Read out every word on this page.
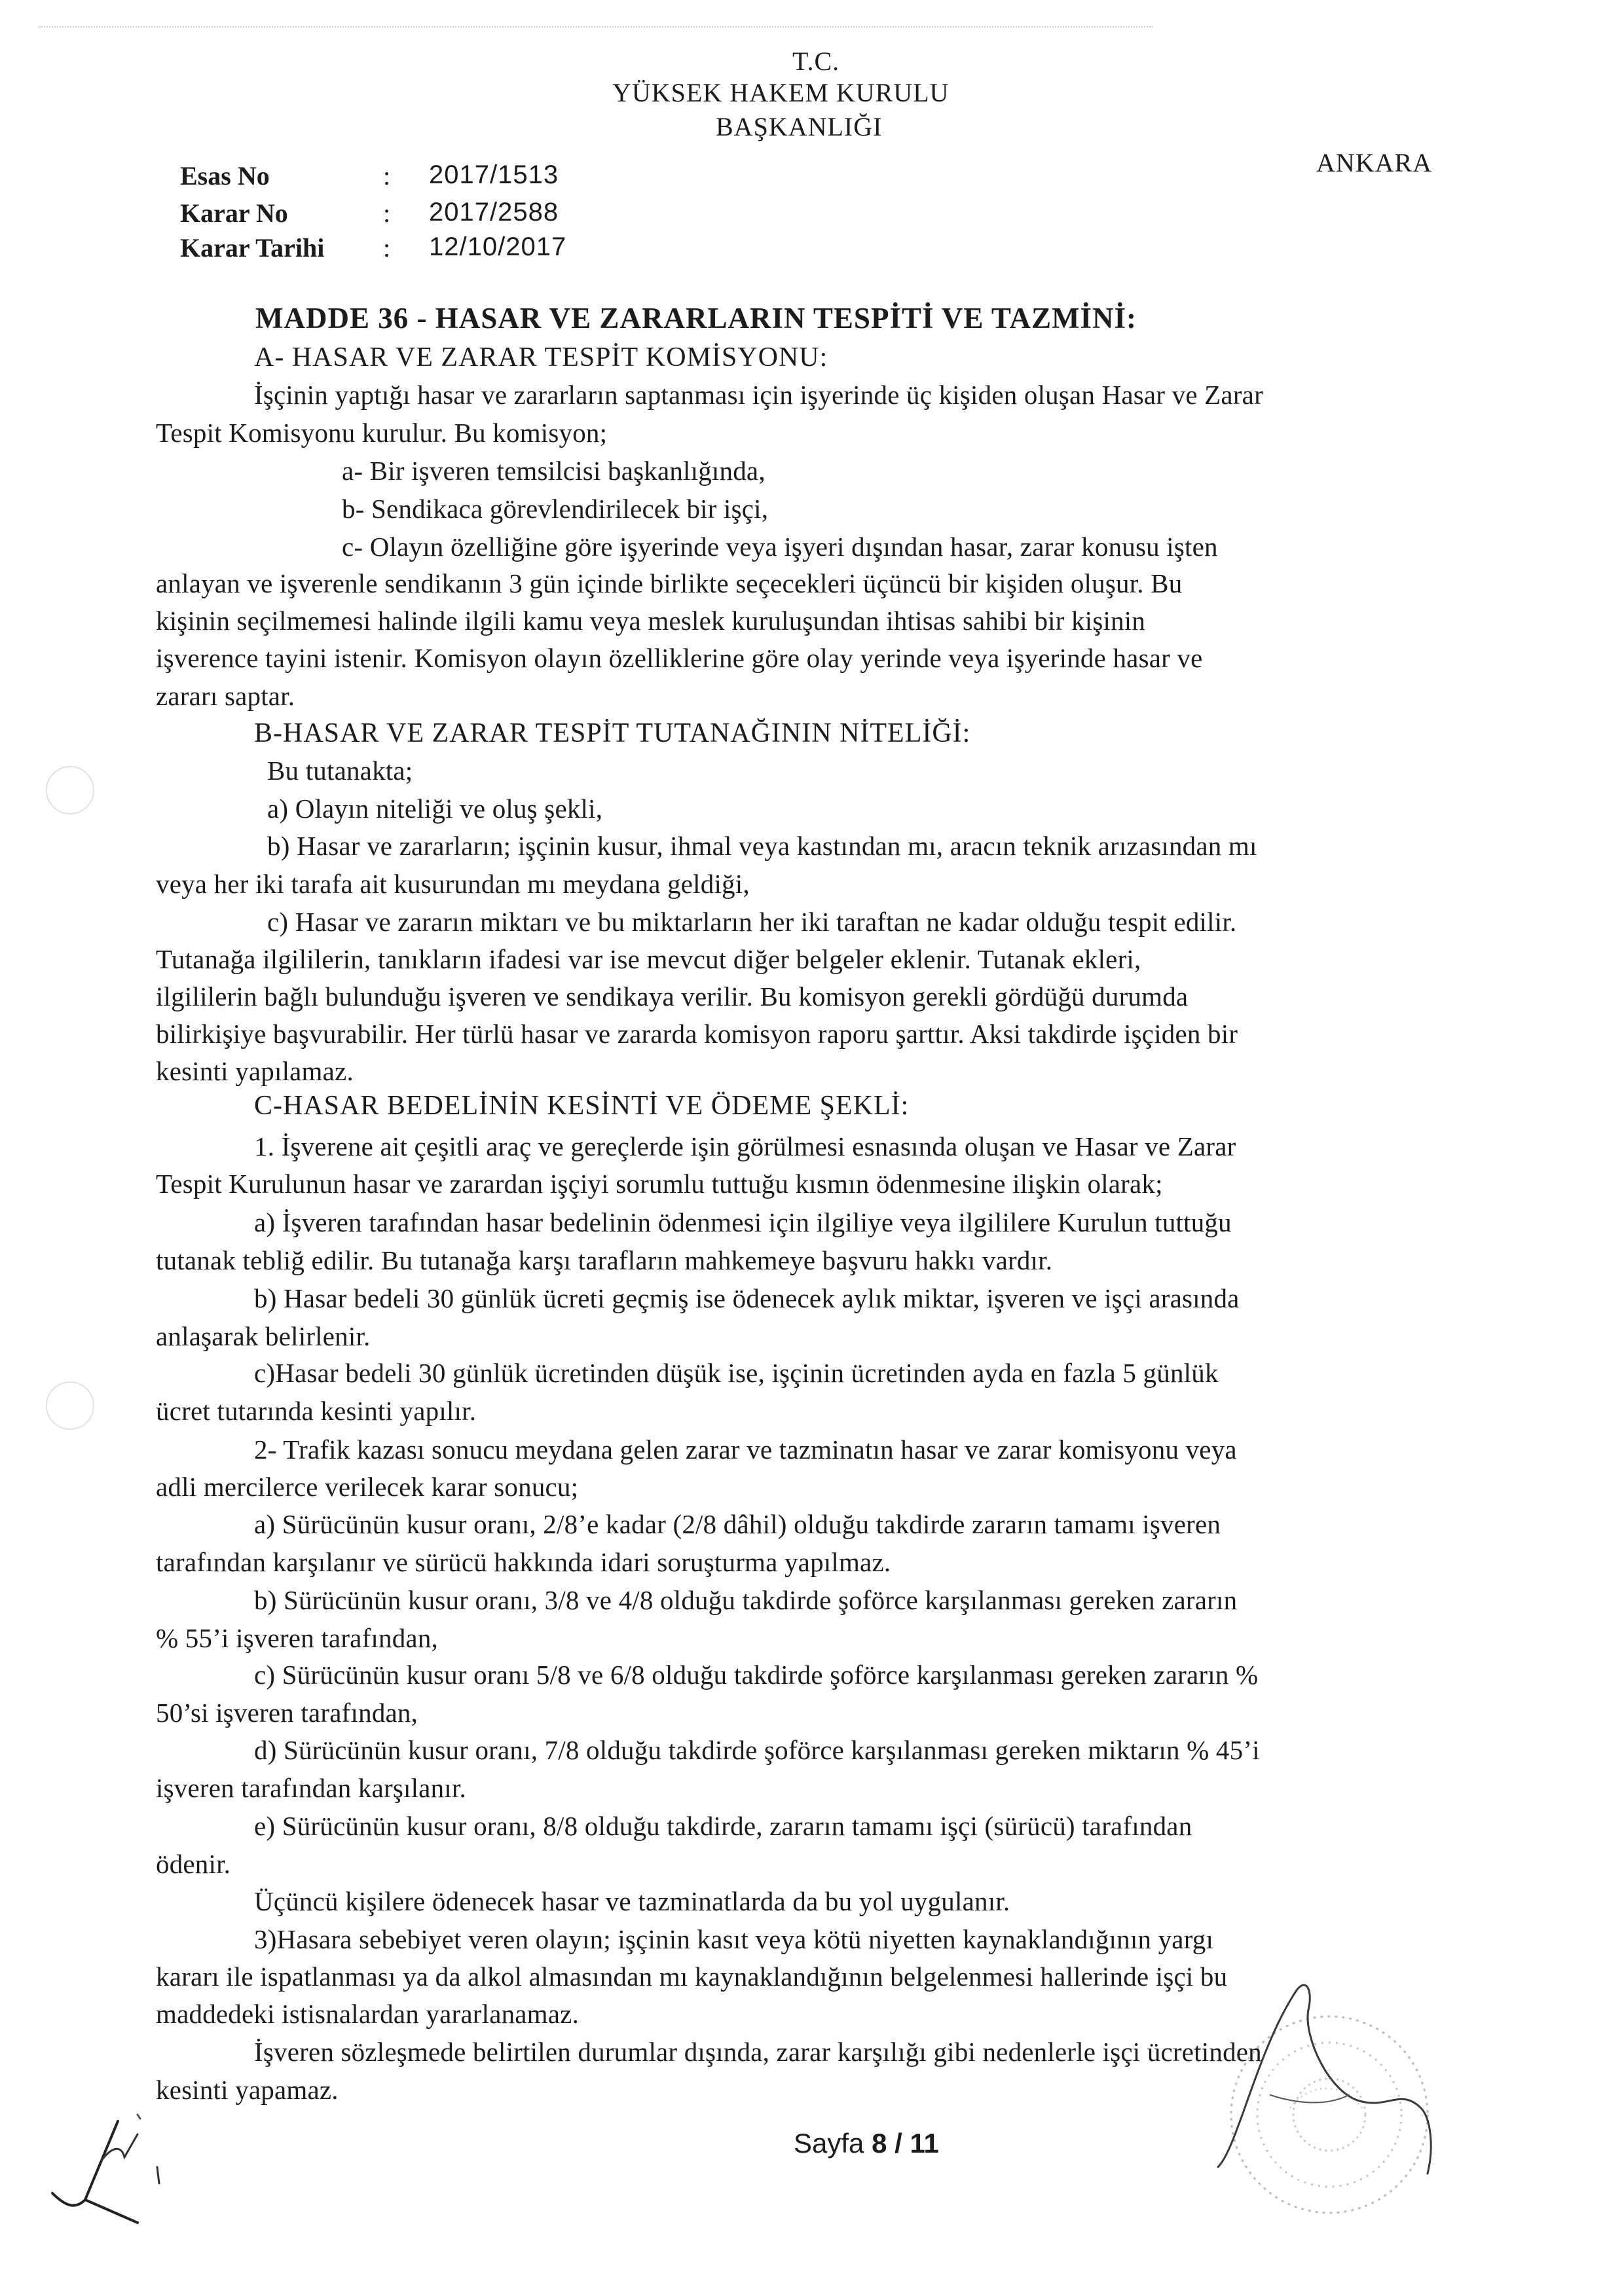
T.C.
YÜKSEK HAKEM KURULU
BAŞKANLIĞI
ANKARA
Esas No	: 2017/1513
Karar No	: 2017/2588
Karar Tarihi : 12/10/2017
MADDE 36 - HASAR VE ZARARLARIN TESPİTİ VE TAZMİNİ:
A- HASAR VE ZARAR TESPİT KOMİSYONU:
İşçinin yaptığı hasar ve zararların saptanması için işyerinde üç kişiden oluşan Hasar ve Zarar
Tespit Komisyonu kurulur. Bu komisyon;
a- Bir işveren temsilcisi başkanlığında,
b- Sendikaca görevlendirilecek bir işçi,
c- Olayın özelliğine göre işyerinde veya işyeri dışından hasar, zarar konusu işten
anlayan ve işverenle sendikanın 3 gün içinde birlikte seçecekleri üçüncü bir kişiden oluşur. Bu
kişinin seçilmemesi halinde ilgili kamu veya meslek kuruluşundan ihtisas sahibi bir kişinin
işverence tayini istenir. Komisyon olayın özelliklerine göre olay yerinde veya işyerinde hasar ve
zararı saptar.
B-HASAR VE ZARAR TESPİT TUTANAĞININ NİTELİĞİ:
Bu tutanakta;
a) Olayın niteliği ve oluş şekli,
b) Hasar ve zararların; işçinin kusur, ihmal veya kastından mı, aracın teknik arızasından mı
veya her iki tarafa ait kusurundan mı meydana geldiği,
c) Hasar ve zararın miktarı ve bu miktarların her iki taraftan ne kadar olduğu tespit edilir.
Tutanağa ilgililerin, tanıkların ifadesi var ise mevcut diğer belgeler eklenir. Tutanak ekleri,
ilgililerin bağlı bulunduğu işveren ve sendikaya verilir. Bu komisyon gerekli gördüğü durumda
bilirkişiye başvurabilir. Her türlü hasar ve zararda komisyon raporu şarttır. Aksi takdirde işçiden bir
kesinti yapılamaz.
C-HASAR BEDELİNİN KESİNTİ VE ÖDEME ŞEKLİ:
1. İşverene ait çeşitli araç ve gereçlerde işin görülmesi esnasında oluşan ve Hasar ve Zarar
Tespit Kurulunun hasar ve zarardan işçiyi sorumlu tuttuğu kısmın ödenmesine ilişkin olarak;
a) İşveren tarafından hasar bedelinin ödenmesi için ilgiliye veya ilgililere Kurulun tuttuğu
tutanak tebliğ edilir. Bu tutanağa karşı tarafların mahkemeye başvuru hakkı vardır.
b) Hasar bedeli 30 günlük ücreti geçmiş ise ödenecek aylık miktar, işveren ve işçi arasında
anlaşarak belirlenir.
c)Hasar bedeli 30 günlük ücretinden düşük ise, işçinin ücretinden ayda en fazla 5 günlük
ücret tutarında kesinti yapılır.
2- Trafik kazası sonucu meydana gelen zarar ve tazminatın hasar ve zarar komisyonu veya
adli mercilerce verilecek karar sonucu;
a) Sürücünün kusur oranı, 2/8’e kadar (2/8 dâhil) olduğu takdirde zararın tamamı işveren
tarafından karşılanır ve sürücü hakkında idari soruşturma yapılmaz.
b) Sürücünün kusur oranı, 3/8 ve 4/8 olduğu takdirde şoförce karşılanması gereken zararın
% 55’i işveren tarafından,
c) Sürücünün kusur oranı 5/8 ve 6/8 olduğu takdirde şoförce karşılanması gereken zararın %
50’si işveren tarafından,
d) Sürücünün kusur oranı, 7/8 olduğu takdirde şoförce karşılanması gereken miktarın % 45’i
işveren tarafından karşılanır.
e) Sürücünün kusur oranı, 8/8 olduğu takdirde, zararın tamamı işçi (sürücü) tarafından
ödenir.
Üçüncü kişilere ödenecek hasar ve tazminatlarda da bu yol uygulanır.
3)Hasara sebebiyet veren olayın; işçinin kasıt veya kötü niyetten kaynaklandığının yargı
kararı ile ispatlanması ya da alkol almasından mı kaynaklandığının belgelenmesi hallerinde işçi bu
maddedeki istisnalardan yararlanamaz.
İşveren sözleşmede belirtilen durumlar dışında, zarar karşılığı gibi nedenlerle işçi ücretinden
kesinti yapamaz.
Sayfa 8 / 11
